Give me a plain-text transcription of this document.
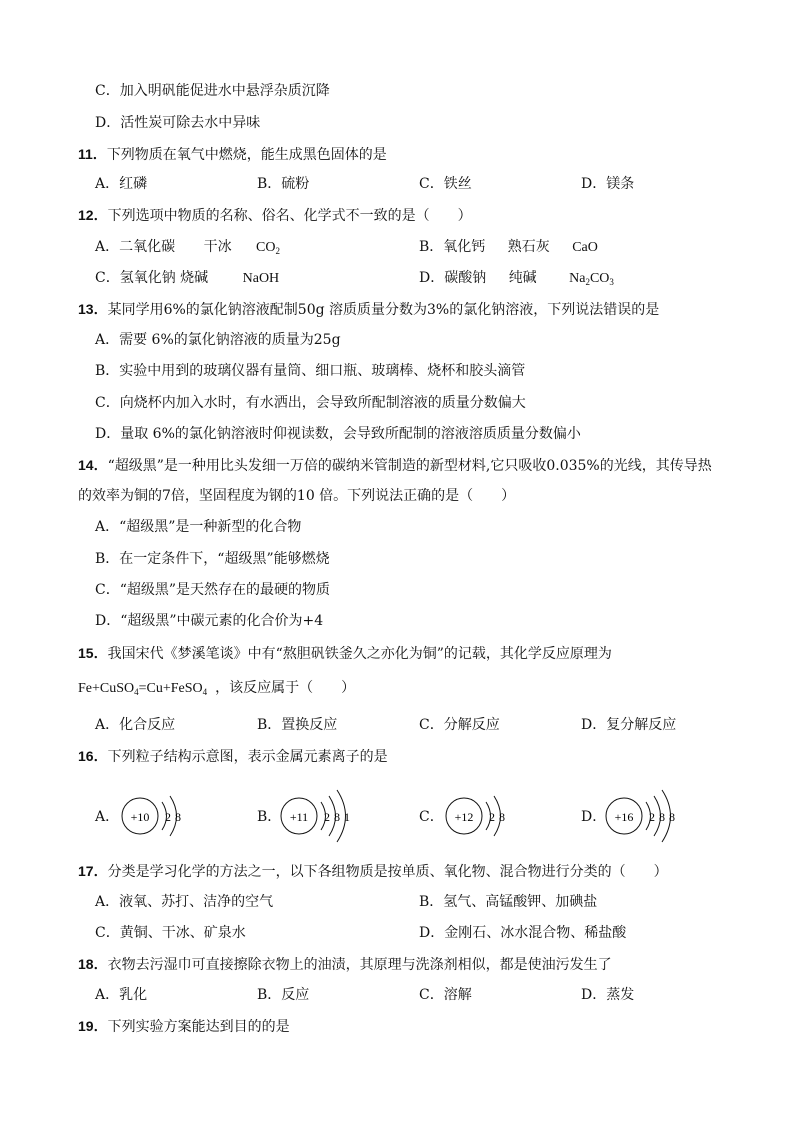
C．加入明矾能促进水中悬浮杂质沉降
D．活性炭可除去水中异味
11．下列物质在氧气中燃烧，能生成黑色固体的是
A．红磷	B．硫粉	C．铁丝	D．镁条
12．下列选项中物质的名称、俗名、化学式不一致的是（　　）
A．二氧化碳 干冰 $CO_2$	B．氧化钙 熟石灰 CaO
C．氢氧化钠 烧碱 NaOH	D．碳酸钠 纯碱 $Na_2CO_3$
13．某同学用6%的氯化钠溶液配制50g 溶质质量分数为3%的氯化钠溶液，下列说法错误的是
A．需要 6%的氯化钠溶液的质量为25g
B．实验中用到的玻璃仪器有量筒、细口瓶、玻璃棒、烧杯和胶头滴管
C．向烧杯内加入水时，有水洒出，会导致所配制溶液的质量分数偏大
D．量取 6%的氯化钠溶液时仰视读数，会导致所配制的溶液溶质质量分数偏小
14．“超级黑”是一种用比头发细一万倍的碳纳米管制造的新型材料,它只吸收0.035%的光线，其传导热
的效率为铜的7倍，坚固程度为钢的10 倍。下列说法正确的是（　　）
A．“超级黑”是一种新型的化合物
B．在一定条件下，“超级黑”能够燃烧
C．“超级黑”是天然存在的最硬的物质
D．“超级黑”中碳元素的化合价为+4
15．我国宋代《梦溪笔谈》中有“熬胆矾铁釜久之亦化为铜”的记载，其化学反应原理为
Fe+CuSO$_4$=Cu+FeSO$_4$ ，该反应属于（　　）
A．化合反应	B．置换反应	C．分解反应	D．复分解反应
16．下列粒子结构示意图，表示金属元素离子的是
A． +10 2 8	B． +11 2 8 1	C． +12 2 8	D． +16 2 8 8
17．分类是学习化学的方法之一，以下各组物质是按单质、氧化物、混合物进行分类的（　　）
A．液氧、苏打、洁净的空气	B．氢气、高锰酸钾、加碘盐
C．黄铜、干冰、矿泉水	D．金刚石、冰水混合物、稀盐酸
18．衣物去污湿巾可直接擦除衣物上的油渍，其原理与洗涤剂相似，都是使油污发生了
A．乳化	B．反应	C．溶解	D．蒸发
19．下列实验方案能达到目的的是
